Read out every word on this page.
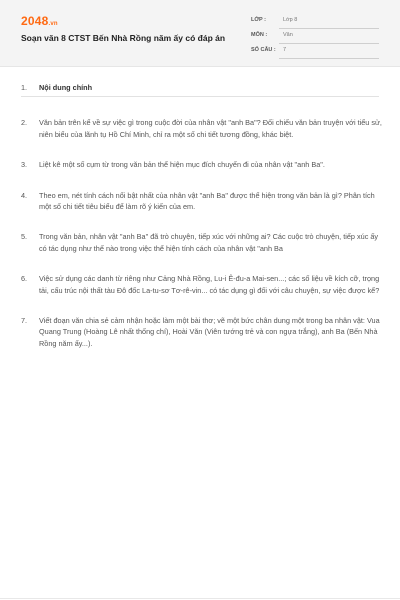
2048.vn
Soạn văn 8 CTST Bến Nhà Rồng năm ấy có đáp án
LỚP :	Lớp 8
MÔN :	Văn
SỐ CÂU : 7
1.	Nội dung chính
2.	Văn bản trên kể về sự việc gì trong cuộc đời của nhân vật "anh Ba"? Đối chiếu văn bản truyện với tiểu sử, niên biểu của lãnh tụ Hồ Chí Minh, chỉ ra một số chi tiết tương đồng, khác biệt.
3.	Liệt kê một số cụm từ trong văn bản thể hiện mục đích chuyến đi của nhân vật "anh Ba".
4.	Theo em, nét tính cách nổi bật nhất của nhân vật "anh Ba" được thể hiện trong văn bản là gì? Phân tích một số chi tiết tiêu biểu để làm rõ ý kiến của em.
5.	Trong văn bản, nhân vật "anh Ba" đã trò chuyện, tiếp xúc với những ai? Các cuộc trò chuyện, tiếp xúc ấy có tác dụng như thế nào trong việc thể hiện tính cách của nhân vật "anh Ba
6.	Việc sử dụng các danh từ riêng như Cảng Nhà Rồng, Lu-i Ê-đu-a Mai-sen...; các số liệu về kích cỡ, trọng tải, cấu trúc nội thất tàu Đô đốc La-tu-sơ Tơ-rê-vin... có tác dụng gì đối với câu chuyện, sự việc được kể?
7.	Viết đoạn văn chia sẻ cảm nhận hoặc làm một bài thơ; vẽ một bức chân dung một trong ba nhân vật: Vua Quang Trung (Hoàng Lê nhất thống chí), Hoài Văn (Viên tướng trẻ và con ngựa trắng), anh Ba (Bến Nhà Rồng năm ấy...).
